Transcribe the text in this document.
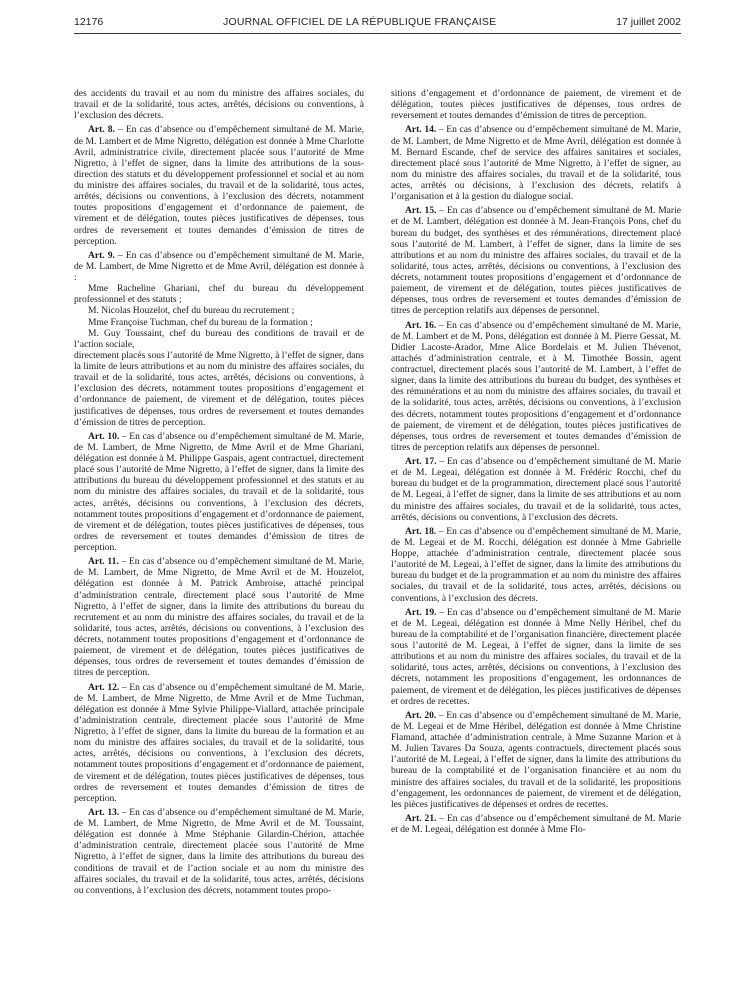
12176	JOURNAL OFFICIEL DE LA RÉPUBLIQUE FRANÇAISE	17 juillet 2002

des accidents du travail et au nom du ministre des affaires sociales, du travail et de la solidarité, tous actes, arrêtés, décisions ou conventions, à l’exclusion des décrets.

Art. 8. – En cas d’absence ou d’empêchement simultané de M. Marie, de M. Lambert et de Mme Nigretto, délégation est donnée à Mme Charlotte Avril, administratrice civile, directement placée sous l’autorité de Mme Nigretto, à l’effet de signer, dans la limite des attributions de la sous-direction des statuts et du développement professionnel et social et au nom du ministre des affaires sociales, du travail et de la solidarité, tous actes, arrêtés, décisions ou conventions, à l’exclusion des décrets, notamment toutes propositions d’engagement et d’ordonnance de paiement, de virement et de délégation, toutes pièces justificatives de dépenses, tous ordres de reversement et toutes demandes d’émission de titres de perception.

Art. 9. – En cas d’absence ou d’empêchement simultané de M. Marie, de M. Lambert, de Mme Nigretto et de Mme Avril, délégation est donnée à :

Mme Racheline Ghariani, chef du bureau du développement professionnel et des statuts ;

M. Nicolas Houzelot, chef du bureau du recrutement ;

Mme Françoise Tuchman, chef du bureau de la formation ;

M. Guy Toussaint, chef du bureau des conditions de travail et de l’action sociale,

directement placés sous l’autorité de Mme Nigretto, à l’effet de signer, dans la limite de leurs attributions et au nom du ministre des affaires sociales, du travail et de la solidarité, tous actes, arrêtés, décisions ou conventions, à l’exclusion des décrets, notamment toutes propositions d’engagement et d’ordonnance de paiement, de virement et de délégation, toutes pièces justificatives de dépenses, tous ordres de reversement et toutes demandes d’émission de titres de perception.

Art. 10. – En cas d’absence ou d’empêchement simultané de M. Marie, de M. Lambert, de Mme Nigretto, de Mme Avril et de Mme Ghariani, délégation est donnée à M. Philippe Gaspais, agent contractuel, directement placé sous l’autorité de Mme Nigretto, à l’effet de signer, dans la limite des attributions du bureau du développement professionnel et des statuts et au nom du ministre des affaires sociales, du travail et de la solidarité, tous actes, arrêtés, décisions ou conventions, à l’exclusion des décrets, notamment toutes propositions d’engagement et d’ordonnance de paiement, de virement et de délégation, toutes pièces justificatives de dépenses, tous ordres de reversement et toutes demandes d’émission de titres de perception.

Art. 11. – En cas d’absence ou d’empêchement simultané de M. Marie, de M. Lambert, de Mme Nigretto, de Mme Avril et de M. Houzelot, délégation est donnée à M. Patrick Ambroise, attaché principal d’administration centrale, directement placé sous l’autorité de Mme Nigretto, à l’effet de signer, dans la limite des attributions du bureau du recrutement et au nom du ministre des affaires sociales, du travail et de la solidarité, tous actes, arrêtés, décisions ou conventions, à l’exclusion des décrets, notamment toutes propositions d’engagement et d’ordonnance de paiement, de virement et de délégation, toutes pièces justificatives de dépenses, tous ordres de reversement et toutes demandes d’émission de titres de perception.

Art. 12. – En cas d’absence ou d’empêchement simultané de M. Marie, de M. Lambert, de Mme Nigretto, de Mme Avril et de Mme Tuchman, délégation est donnée à Mme Sylvie Philippe-Viallard, attachée principale d’administration centrale, directement placée sous l’autorité de Mme Nigretto, à l’effet de signer, dans la limite du bureau de la formation et au nom du ministre des affaires sociales, du travail et de la solidarité, tous actes, arrêtés, décisions ou conventions, à l’exclusion des décrets, notamment toutes propositions d’engagement et d’ordonnance de paiement, de virement et de délégation, toutes pièces justificatives de dépenses, tous ordres de reversement et toutes demandes d’émission de titres de perception.

Art. 13. – En cas d’absence ou d’empêchement simultané de M. Marie, de M. Lambert, de Mme Nigretto, de Mme Avril et de M. Toussaint, délégation est donnée à Mme Stéphanie Gilardin-Chérion, attachée d’administration centrale, directement placée sous l’autorité de Mme Nigretto, à l’effet de signer, dans la limite des attributions du bureau des conditions de travail et de l’action sociale et au nom du ministre des affaires sociales, du travail et de la solidarité, tous actes, arrêtés, décisions ou conventions, à l’exclusion des décrets, notamment toutes propo-

sitions d’engagement et d’ordonnance de paiement, de virement et de délégation, toutes pièces justificatives de dépenses, tous ordres de reversement et toutes demandes d’émission de titres de perception.

Art. 14. – En cas d’absence ou d’empêchement simultané de M. Marie, de M. Lambert, de Mme Nigretto et de Mme Avril, délégation est donnée à M. Bernard Escande, chef de service des affaires sanitaires et sociales, directement placé sous l’autorité de Mme Nigretto, à l’effet de signer, au nom du ministre des affaires sociales, du travail et de la solidarité, tous actes, arrêtés ou décisions, à l’exclusion des décrets, relatifs à l’organisation et à la gestion du dialogue social.

Art. 15. – En cas d’absence ou d’empêchement simultané de M. Marie et de M. Lambert, délégation est donnée à M. Jean-François Pons, chef du bureau du budget, des synthèses et des rémunérations, directement placé sous l’autorité de M. Lambert, à l’effet de signer, dans la limite de ses attributions et au nom du ministre des affaires sociales, du travail et de la solidarité, tous actes, arrêtés, décisions ou conventions, à l’exclusion des décrets, notamment toutes propositions d’engagement et d’ordonnance de paiement, de virement et de délégation, toutes pièces justificatives de dépenses, tous ordres de reversement et toutes demandes d’émission de titres de perception relatifs aux dépenses de personnel.

Art. 16. – En cas d’absence ou d’empêchement simultané de M. Marie, de M. Lambert et de M. Pons, délégation est donnée à M. Pierre Gessat, M. Didier Lacoste-Arador, Mme Alice Bordelais et M. Julien Thévenot, attachés d’administration centrale, et à M. Timothée Bossin, agent contractuel, directement placés sous l’autorité de M. Lambert, à l’effet de signer, dans la limite des attributions du bureau du budget, des synthèses et des rémunérations et au nom du ministre des affaires sociales, du travail et de la solidarité, tous actes, arrêtés, décisions ou conventions, à l’exclusion des décrets, notamment toutes propositions d’engagement et d’ordonnance de paiement, de virement et de délégation, toutes pièces justificatives de dépenses, tous ordres de reversement et toutes demandes d’émission de titres de perception relatifs aux dépenses de personnel.

Art. 17. – En cas d’absence ou d’empêchement simultané de M. Marie et de M. Legeai, délégation est donnée à M. Frédéric Rocchi, chef du bureau du budget et de la programmation, directement placé sous l’autorité de M. Legeai, à l’effet de signer, dans la limite de ses attributions et au nom du ministre des affaires sociales, du travail et de la solidarité, tous actes, arrêtés, décisions ou conventions, à l’exclusion des décrets.

Art. 18. – En cas d’absence ou d’empêchement simultané de M. Marie, de M. Legeai et de M. Rocchi, délégation est donnée à Mme Gabrielle Hoppe, attachée d’administration centrale, directement placée sous l’autorité de M. Legeai, à l’effet de signer, dans la limite des attributions du bureau du budget et de la programmation et au nom du ministre des affaires sociales, du travail et de la solidarité, tous actes, arrêtés, décisions ou conventions, à l’exclusion des décrets.

Art. 19. – En cas d’absence ou d’empêchement simultané de M. Marie et de M. Legeai, délégation est donnée à Mme Nelly Héribel, chef du bureau de la comptabilité et de l’organisation financière, directement placée sous l’autorité de M. Legeai, à l’effet de signer, dans la limite de ses attributions et au nom du ministre des affaires sociales, du travail et de la solidarité, tous actes, arrêtés, décisions ou conventions, à l’exclusion des décrets, notamment les propositions d’engagement, les ordonnances de paiement, de virement et de délégation, les pièces justificatives de dépenses et ordres de recettes.

Art. 20. – En cas d’absence ou d’empêchement simultané de M. Marie, de M. Legeai et de Mme Héribel, délégation est donnée à Mme Christine Flamand, attachée d’administration centrale, à Mme Suzanne Marion et à M. Julien Tavares Da Souza, agents contractuels, directement placés sous l’autorité de M. Legeai, à l’effet de signer, dans la limite des attributions du bureau de la comptabilité et de l’organisation financière et au nom du ministre des affaires sociales, du travail et de la solidarité, les propositions d’engagement, les ordonnances de paiement, de virement et de délégation, les pièces justificatives de dépenses et ordres de recettes.

Art. 21. – En cas d’absence ou d’empêchement simultané de M. Marie et de M. Legeai, délégation est donnée à Mme Flo-
